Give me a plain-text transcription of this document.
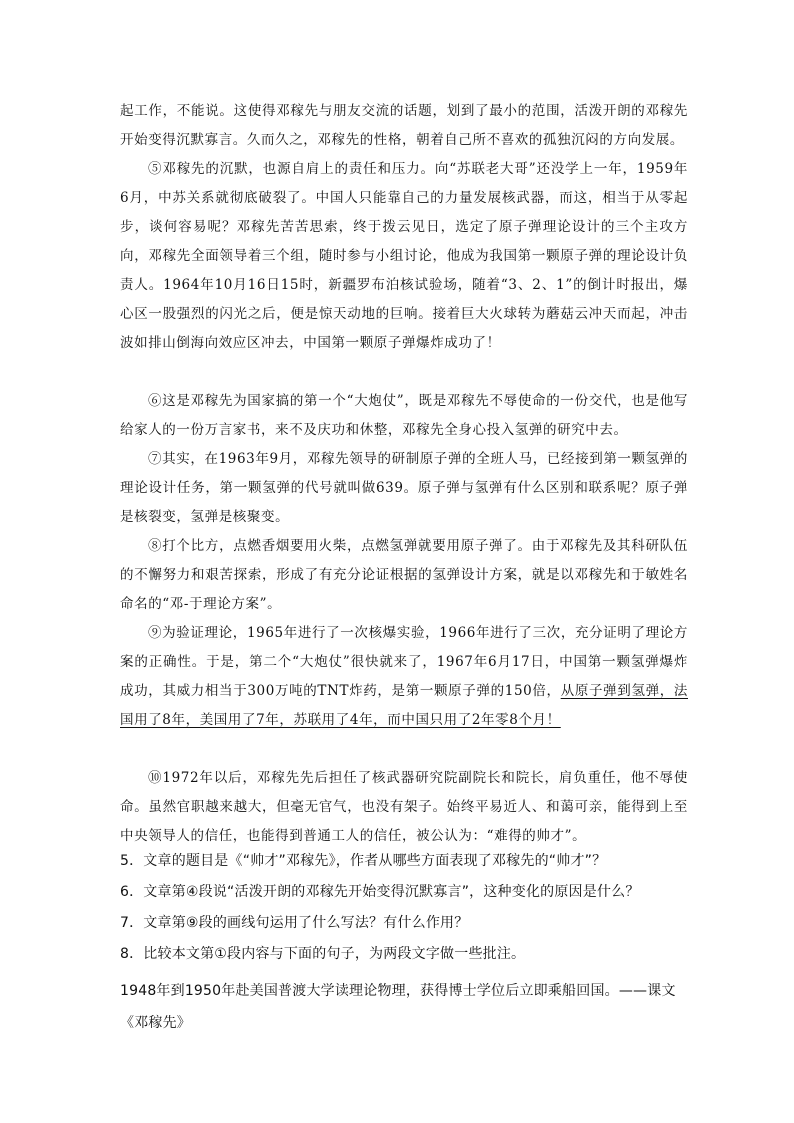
起工作，不能说。这使得邓稼先与朋友交流的话题，划到了最小的范围，活泼开朗的邓稼先开始变得沉默寡言。久而久之，邓稼先的性格，朝着自己所不喜欢的孤独沉闷的方向发展。
⑤邓稼先的沉默，也源自肩上的责任和压力。向“苏联老大哥”还没学上一年，1959年6月，中苏关系就彻底破裂了。中国人只能靠自己的力量发展核武器，而这，相当于从零起步，谈何容易呢？邓稼先苦苦思索，终于拨云见日，选定了原子弹理论设计的三个主攻方向，邓稼先全面领导着三个组，随时参与小组讨论，他成为我国第一颗原子弹的理论设计负责人。1964年10月16日15时，新疆罗布泊核试验场，随着“3、2、1”的倒计时报出，爆心区一股强烈的闪光之后，便是惊天动地的巨响。接着巨大火球转为蘑菇云冲天而起，冲击波如排山倒海向效应区冲去，中国第一颗原子弹爆炸成功了！
⑥这是邓稼先为国家搞的第一个“大炮仗”，既是邓稼先不辱使命的一份交代，也是他写给家人的一份万言家书，来不及庆功和休整，邓稼先全身心投入氢弹的研究中去。
⑦其实，在1963年9月，邓稼先领导的研制原子弹的全班人马，已经接到第一颗氢弹的理论设计任务，第一颗氢弹的代号就叫做639。原子弹与氢弹有什么区别和联系呢？原子弹是核裂变，氢弹是核聚变。
⑧打个比方，点燃香烟要用火柴，点燃氢弹就要用原子弹了。由于邓稼先及其科研队伍的不懈努力和艰苦探索，形成了有充分论证根据的氢弹设计方案，就是以邓稼先和于敏姓名命名的“邓-于理论方案”。
⑨为验证理论，1965年进行了一次核爆实验，1966年进行了三次，充分证明了理论方案的正确性。于是，第二个“大炮仗”很快就来了，1967年6月17日，中国第一颗氢弹爆炸成功，其威力相当于300万吨的TNT炸药，是第一颗原子弹的150倍，从原子弹到氢弹，法国用了8年，美国用了7年，苏联用了4年，而中国只用了2年零8个月！
⑩1972年以后，邓稼先先后担任了核武器研究院副院长和院长，肩负重任，他不辱使命。虽然官职越来越大，但毫无官气，也没有架子。始终平易近人、和蔼可亲，能得到上至中央领导人的信任，也能得到普通工人的信任，被公认为：“难得的帅才”。
5．文章的题目是《“帅才”邓稼先》，作者从哪些方面表现了邓稼先的“帅才”？
6．文章第④段说“活泼开朗的邓稼先开始变得沉默寡言”，这种变化的原因是什么？
7．文章第⑨段的画线句运用了什么写法？有什么作用？
8．比较本文第①段内容与下面的句子，为两段文字做一些批注。
1948年到1950年赴美国普渡大学读理论物理，获得博士学位后立即乘船回国。——课文《邓稼先》
